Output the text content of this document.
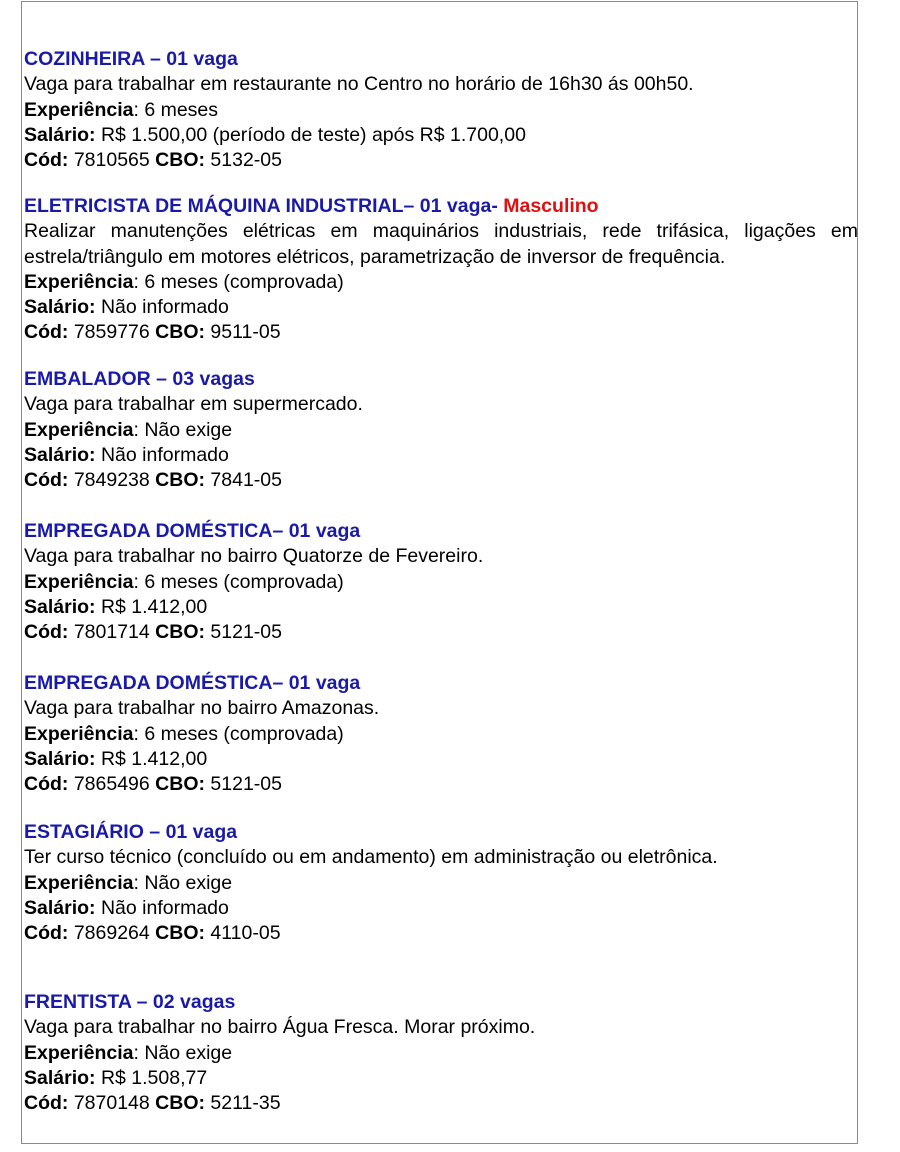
COZINHEIRA – 01 vaga
Vaga para trabalhar em restaurante no Centro no horário de 16h30 ás 00h50.
Experiência: 6 meses
Salário: R$ 1.500,00 (período de teste) após R$ 1.700,00
Cód: 7810565 CBO: 5132-05
ELETRICISTA DE MÁQUINA INDUSTRIAL– 01 vaga- Masculino
Realizar manutenções elétricas em maquinários industriais, rede trifásica, ligações em estrela/triângulo em motores elétricos, parametrização de inversor de frequência.
Experiência: 6 meses (comprovada)
Salário: Não informado
Cód: 7859776 CBO: 9511-05
EMBALADOR – 03 vagas
Vaga para trabalhar em supermercado.
Experiência: Não exige
Salário: Não informado
Cód: 7849238 CBO: 7841-05
EMPREGADA DOMÉSTICA– 01 vaga
Vaga para trabalhar no bairro Quatorze de Fevereiro.
Experiência: 6 meses (comprovada)
Salário: R$ 1.412,00
Cód: 7801714 CBO: 5121-05
EMPREGADA DOMÉSTICA– 01 vaga
Vaga para trabalhar no bairro Amazonas.
Experiência: 6 meses (comprovada)
Salário: R$ 1.412,00
Cód: 7865496 CBO: 5121-05
ESTAGIÁRIO – 01 vaga
Ter curso técnico (concluído ou em andamento) em administração ou eletrônica.
Experiência: Não exige
Salário: Não informado
Cód: 7869264 CBO: 4110-05
FRENTISTA – 02 vagas
Vaga para trabalhar no bairro Água Fresca. Morar próximo.
Experiência: Não exige
Salário: R$ 1.508,77
Cód: 7870148 CBO: 5211-35
